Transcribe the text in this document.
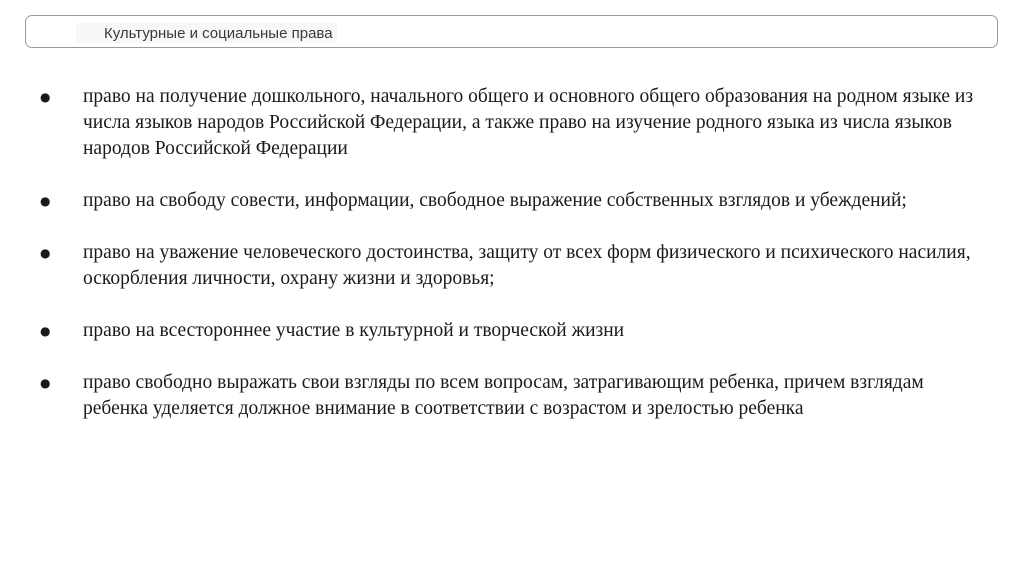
Культурные и социальные права
●	право на получение дошкольного, начального общего и основного общего образования на родном языке из числа языков народов Российской Федерации, а также право на изучение родного языка из числа языков народов Российской Федерации
●	право на свободу совести, информации, свободное выражение собственных взглядов и убеждений;
●	право на уважение человеческого достоинства, защиту от всех форм физического и психического насилия, оскорбления личности, охрану жизни и здоровья;
●	право на всестороннее участие в культурной и творческой жизни
●	право свободно выражать свои взгляды по всем вопросам, затрагивающим ребенка, причем взглядам ребенка уделяется должное внимание в соответствии с возрастом и зрелостью ребенка
